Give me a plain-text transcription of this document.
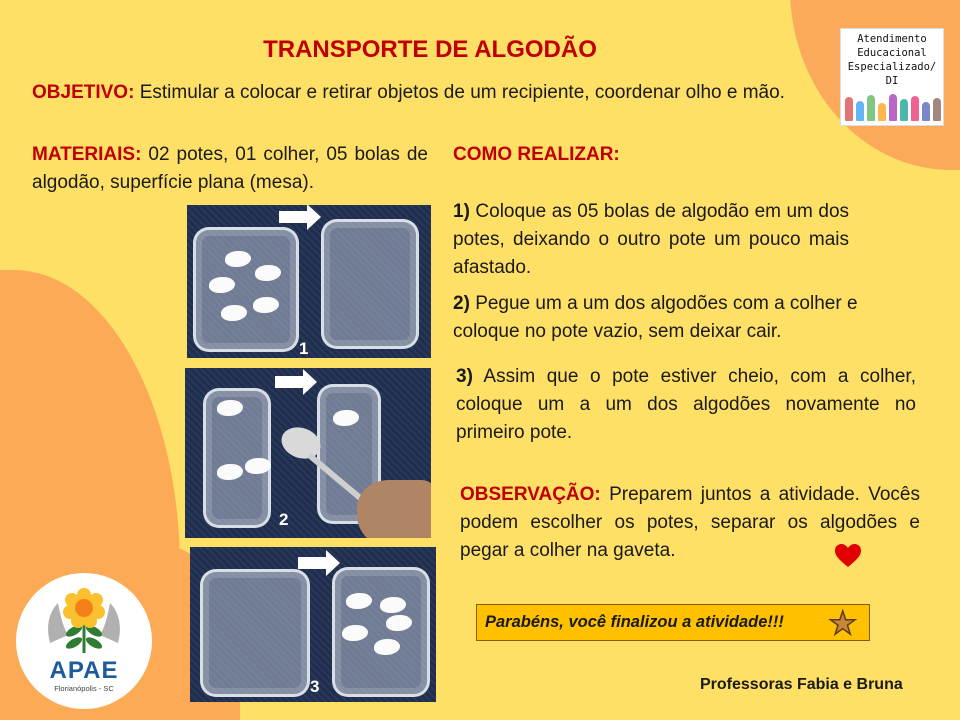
TRANSPORTE DE ALGODÃO
OBJETIVO: Estimular a colocar e retirar objetos de um recipiente, coordenar olho e mão.
MATERIAIS: 02 potes, 01 colher, 05 bolas de algodão, superfície plana (mesa).
COMO REALIZAR:
1) Coloque as 05 bolas de algodão em um dos potes, deixando o outro pote um pouco mais afastado.
2) Pegue um a um dos algodões com a colher e coloque no pote vazio, sem deixar cair.
3) Assim que o pote estiver cheio, com a colher, coloque um a um dos algodões novamente no primeiro pote.
OBSERVAÇÃO: Preparem juntos a atividade. Vocês podem escolher os potes, separar os algodões e pegar a colher na gaveta.
1
2
3
Atendimento
Educacional
Especializado/ DI
APAE
Florianópolis - SC
Parabéns, você finalizou a atividade!!! ★
Professoras Fabia e Bruna
